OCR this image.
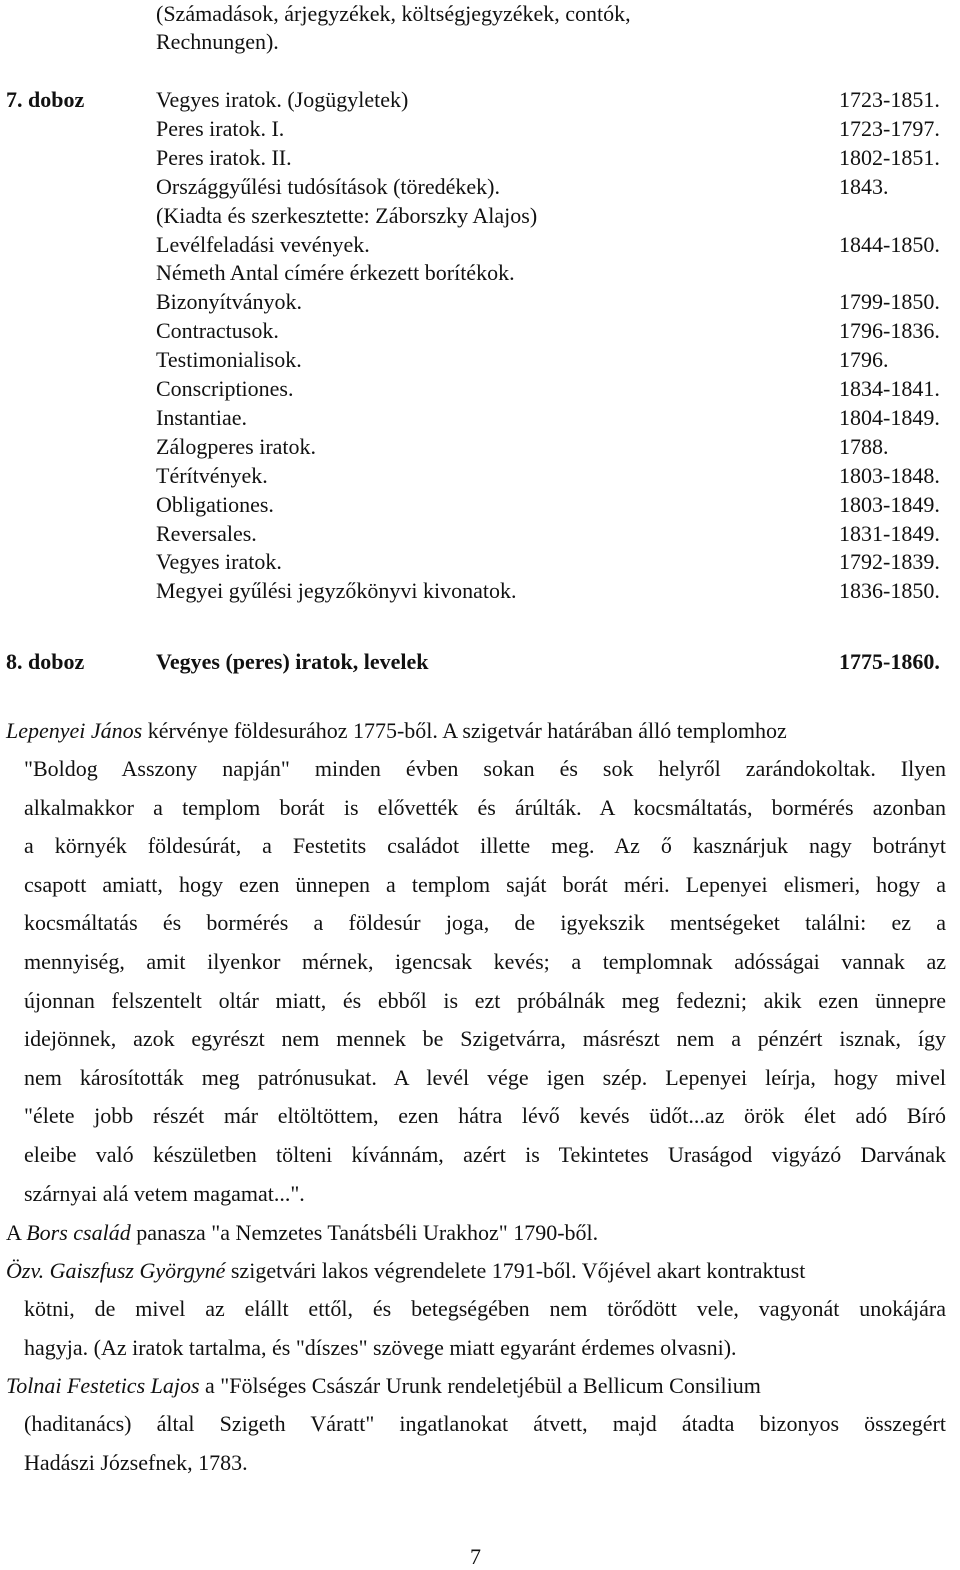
(Számadások, árjegyzékek, költségjegyzékek, contók,
Rechnungen).
7. doboz	Vegyes iratok. (Jogügyletek)	1723-1851.
Peres iratok. I.	1723-1797.
Peres iratok. II.	1802-1851.
Országgyűlési tudósítások (töredékek).	1843.
(Kiadta és szerkesztette: Záborszky Alajos)
Levélfeladási vevények.	1844-1850.
Németh Antal címére érkezett borítékok.
Bizonyítványok.	1799-1850.
Contractusok.	1796-1836.
Testimonialisok.	1796.
Conscriptiones.	1834-1841.
Instantiae.	1804-1849.
Zálogperes iratok.	1788.
Térítvények.	1803-1848.
Obligationes.	1803-1849.
Reversales.	1831-1849.
Vegyes iratok.	1792-1839.
Megyei gyűlési jegyzőkönyvi kivonatok.	1836-1850.
8. doboz	Vegyes (peres) iratok, levelek	1775-1860.
Lepenyei János kérvénye földesurához 1775-ből. A szigetvár határában álló templomhoz
"Boldog Asszony napján" minden évben sokan és sok helyről zarándokoltak. Ilyen
alkalmakkor a templom borát is elővették és árúlták. A kocsmáltatás, bormérés azonban
a környék földesúrát, a Festetits családot illette meg. Az ő kasznárjuk nagy botrányt
csapott amiatt, hogy ezen ünnepen a templom saját borát méri. Lepenyei elismeri, hogy a
kocsmáltatás és bormérés a földesúr joga, de igyekszik mentségeket találni: ez a
mennyiség, amit ilyenkor mérnek, igencsak kevés; a templomnak adósságai vannak az
újonnan felszentelt oltár miatt, és ebből is ezt próbálnák meg fedezni; akik ezen ünnepre
idejönnek, azok egyrészt nem mennek be Szigetvárra, másrészt nem a pénzért isznak, így
nem károsították meg patrónusukat. A levél vége igen szép. Lepenyei leírja, hogy mivel
"élete jobb részét már eltöltöttem, ezen hátra lévő kevés üdőt...az örök élet adó Bíró
eleibe való készületben tölteni kívánnám, azért is Tekintetes Uraságod vigyázó Darvának
szárnyai alá vetem magamat...".
A Bors család panasza "a Nemzetes Tanátsbéli Urakhoz" 1790-ből.
Özv. Gaiszfusz Györgyné szigetvári lakos végrendelete 1791-ből. Vőjével akart kontraktust
kötni, de mivel az elállt ettől, és betegségében nem törődött vele, vagyonát unokájára
hagyja. (Az iratok tartalma, és "díszes" szövege miatt egyaránt érdemes olvasni).
Tolnai Festetics Lajos a "Fölséges Császár Urunk rendeletjébül a Bellicum Consilium
(haditanács) által Szigeth Váratt" ingatlanokat átvett, majd átadta bizonyos összegért
Hadászi Józsefnek, 1783.
7
